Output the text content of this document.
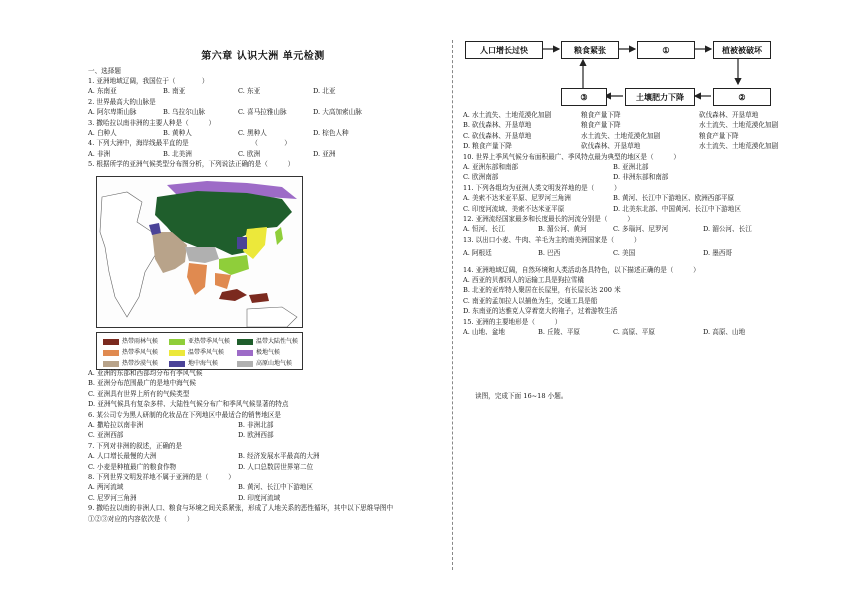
第六章 认识大洲 单元检测
一、选择题
1. 亚洲地域辽阔，我国位于（　　　　）
A. 东南亚	B. 南亚	C. 东亚	D. 北亚
2. 世界最高大的山脉是
A. 阿尔卑斯山脉	B. 乌拉尔山脉	C. 喜马拉雅山脉	D. 大高加索山脉
3. 撒哈拉以南非洲的主要人种是（　　　）
A. 白种人	B. 黄种人	C. 黑种人	D. 棕色人种
4. 下列大洲中，海岸线最平直的是　　　　　　　　　　（　　　　）
A. 非洲	B. 北美洲	C. 欧洲	D. 亚洲
5. 根据所学的亚洲气候类型分布图分析，下列说法正确的是（　　　）
热带雨林气候	亚热带季风气候	温带大陆性气候
热带季风气候	温带季风气候	极地气候
热带沙漠气候	地中海气候	高原山地气候
A. 亚洲的东部和西部均分布有季风气候
B. 亚洲分布范围最广的是地中海气候
C. 亚洲具有世界上所有的气候类型
D. 亚洲气候具有复杂多样、大陆性气候分布广和季风气候显著的特点
6. 某公司专为黑人研制的化妆品在下列地区中最适合的销售地区是
A. 撒哈拉以南非洲	B. 非洲北部
C. 亚洲西部	D. 欧洲西部
7. 下列对非洲的叙述，正确的是
A. 人口增长最慢的大洲	B. 经济发展水平最高的大洲
C. 小麦是种植最广的粮食作物	D. 人口总数居世界第二位
8. 下列世界文明发祥地不属于亚洲的是（　　　）
A. 两河流域	B. 黄河、长江中下游地区
C. 尼罗河三角洲	D. 印度河流域
9. 撒哈拉以南的非洲人口、粮食与环境之间关系紧张，形成了人地关系的恶性循环，其中以下思维导图中
①②③对应的内容依次是（　　　）
人口增长过快	粮食紧张	①	植被被破坏
③	土壤肥力下降	②
A. 水土流失、土地荒漠化加剧	粮食产量下降	砍伐森林、开垦草地
B. 砍伐森林、开垦草地	粮食产量下降	水土流失、土地荒漠化加剧
C. 砍伐森林、开垦草地	水土流失、土地荒漠化加剧	粮食产量下降
D. 粮食产量下降	砍伐森林、开垦草地	水土流失、土地荒漠化加剧
10. 世界上季风气候分布面积最广、季风特点最为典型的地区是（　　　）
A. 亚洲东部和南部	B. 亚洲北部
C. 欧洲南部	D. 非洲东部和南部
11. 下列各组均为亚洲人类文明发祥地的是（　　　）
A. 美索不达米亚平原、尼罗河三角洲	B. 黄河、长江中下游地区、欧洲西部平原
C. 印度河流域、美索不达米亚平原	D. 北美东北部、中国黄河、长江中下游地区
12. 亚洲流经国家最多和长度最长的河流分别是（　　　）
A. 恒河、长江	B. 湄公河、黄河	C. 多瑙河、尼罗河	D. 湄公河、长江
13. 以出口小麦、牛肉、羊毛为主的南美洲国家是（　　　）
A. 阿根廷	B. 巴西	C. 美国	D. 墨西哥
14. 亚洲地域辽阔，自然环境和人类活动各具特色，以下描述正确的是（　　　）
A. 西亚的贝都因人的运输工具是狗拉雪橇
B. 北亚的亚库特人聚居在长屋里，有长屋长达 200 米
C. 南亚的孟加拉人以捕鱼为生，交通工具是船
D. 东南亚的达雅克人穿着宽大的袍子，过着游牧生活
15. 亚洲的主要地形是（　　　）
A. 山地、盆地	B. 丘陵、平原	C. 高原、平原	D. 高原、山地
读图，完成下面 16~18 小题。
